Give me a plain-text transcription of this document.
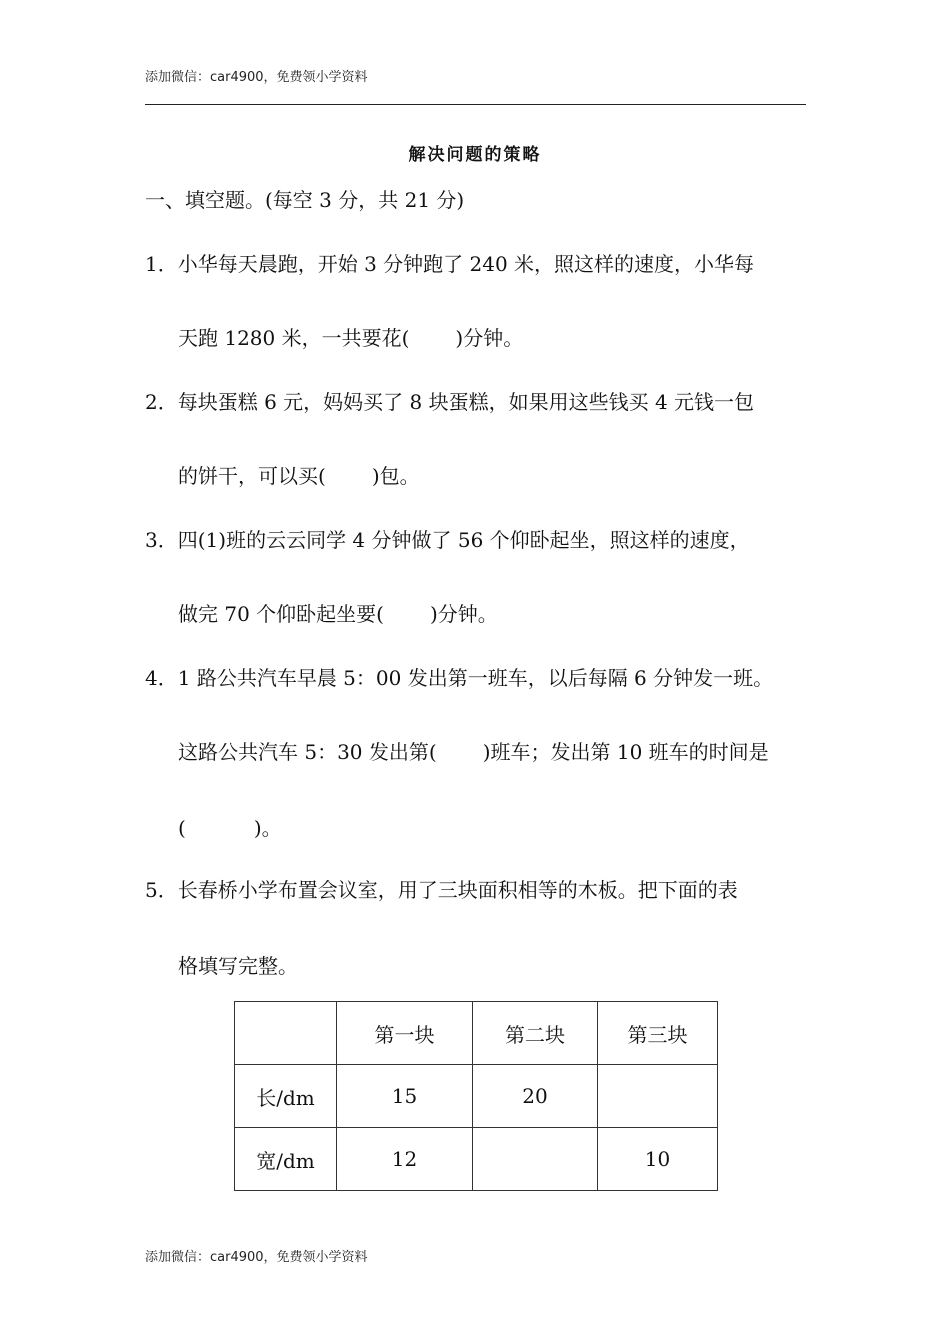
添加微信：car4900，免费领小学资料
解决问题的策略
一、填空题。(每空 3 分，共 21 分)
1．小华每天晨跑，开始 3 分钟跑了 240 米，照这样的速度，小华每
天跑 1280 米，一共要花( )分钟。
2．每块蛋糕 6 元，妈妈买了 8 块蛋糕，如果用这些钱买 4 元钱一包
的饼干，可以买( )包。
3．四(1)班的云云同学 4 分钟做了 56 个仰卧起坐，照这样的速度，
做完 70 个仰卧起坐要( )分钟。
4．1 路公共汽车早晨 5：00 发出第一班车，以后每隔 6 分钟发一班。
这路公共汽车 5：30 发出第( )班车；发出第 10 班车的时间是
(	)。
5．长春桥小学布置会议室，用了三块面积相等的木板。把下面的表
格填写完整。
	第一块	第二块	第三块
长/dm	15	20	
宽/dm	12		10
添加微信：car4900，免费领小学资料
